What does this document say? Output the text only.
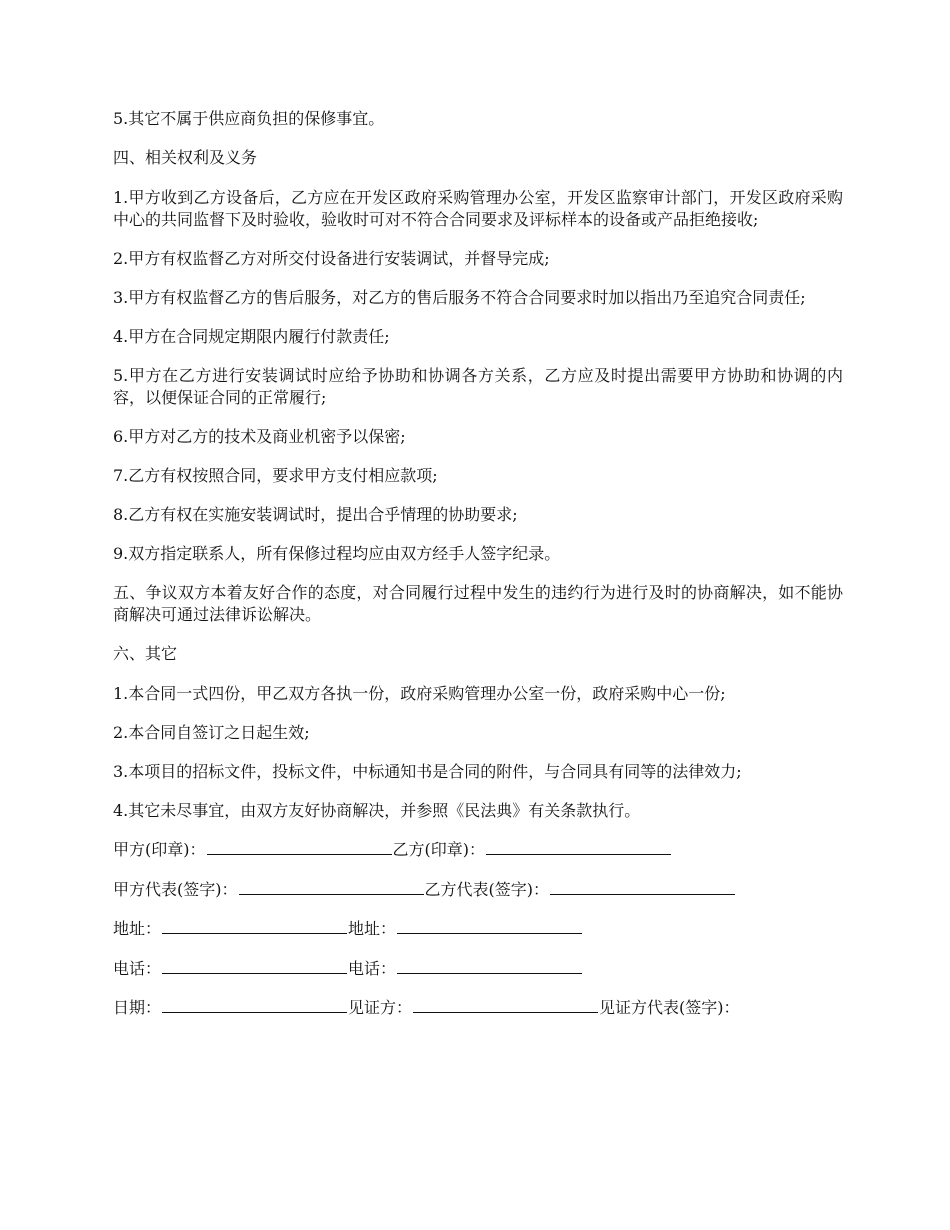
5.其它不属于供应商负担的保修事宜。

四、相关权利及义务

1.甲方收到乙方设备后，乙方应在开发区政府采购管理办公室，开发区监察审计部门，开发区政府采购中心的共同监督下及时验收，验收时可对不符合合同要求及评标样本的设备或产品拒绝接收;

2.甲方有权监督乙方对所交付设备进行安装调试，并督导完成;

3.甲方有权监督乙方的售后服务，对乙方的售后服务不符合合同要求时加以指出乃至追究合同责任;

4.甲方在合同规定期限内履行付款责任;

5.甲方在乙方进行安装调试时应给予协助和协调各方关系，乙方应及时提出需要甲方协助和协调的内容，以便保证合同的正常履行;

6.甲方对乙方的技术及商业机密予以保密;

7.乙方有权按照合同，要求甲方支付相应款项;

8.乙方有权在实施安装调试时，提出合乎情理的协助要求;

9.双方指定联系人，所有保修过程均应由双方经手人签字纪录。

五、争议双方本着友好合作的态度，对合同履行过程中发生的违约行为进行及时的协商解决，如不能协商解决可通过法律诉讼解决。

六、其它

1.本合同一式四份，甲乙双方各执一份，政府采购管理办公室一份，政府采购中心一份;

2.本合同自签订之日起生效;

3.本项目的招标文件，投标文件，中标通知书是合同的附件，与合同具有同等的法律效力;

4.其它未尽事宜，由双方友好协商解决，并参照《民法典》有关条款执行。

甲方(印章)：	乙方(印章)：
甲方代表(签字)：	乙方代表(签字)：
地址：	地址：
电话：	电话：
日期：	见证方：	见证方代表(签字)：
